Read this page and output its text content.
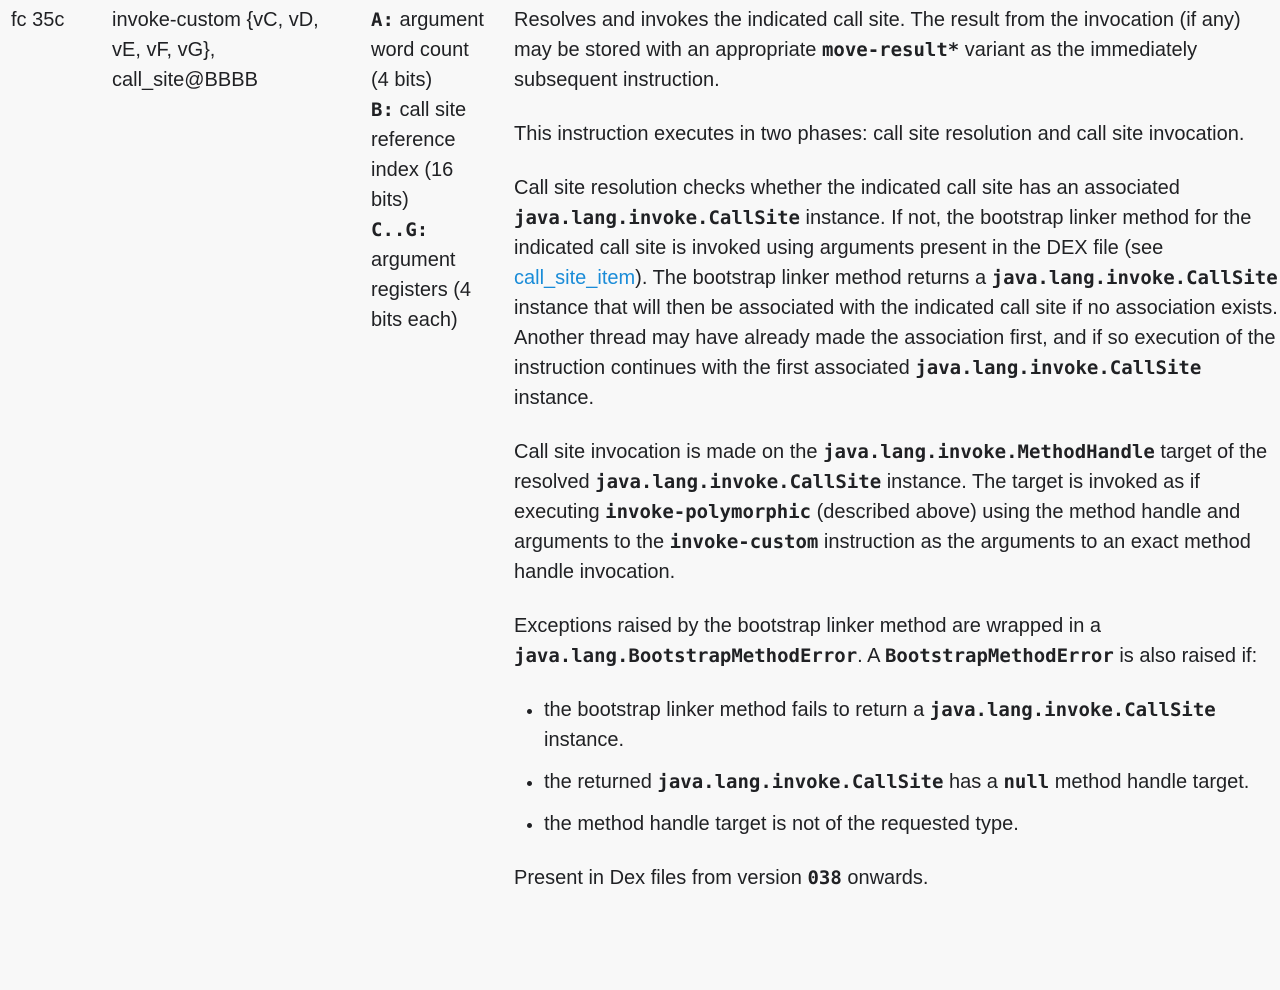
fc 35c	invoke-custom {vC, vD, vE, vF, vG}, call_site@BBBB
A: argument word count (4 bits)
B: call site reference index (16 bits)
C..G: argument registers (4 bits each)

Resolves and invokes the indicated call site. The result from the invocation (if any) may be stored with an appropriate move-result* variant as the immediately subsequent instruction.

This instruction executes in two phases: call site resolution and call site invocation.

Call site resolution checks whether the indicated call site has an associated java.lang.invoke.CallSite instance. If not, the bootstrap linker method for the indicated call site is invoked using arguments present in the DEX file (see call_site_item). The bootstrap linker method returns a java.lang.invoke.CallSite instance that will then be associated with the indicated call site if no association exists. Another thread may have already made the association first, and if so execution of the instruction continues with the first associated java.lang.invoke.CallSite instance.

Call site invocation is made on the java.lang.invoke.MethodHandle target of the resolved java.lang.invoke.CallSite instance. The target is invoked as if executing invoke-polymorphic (described above) using the method handle and arguments to the invoke-custom instruction as the arguments to an exact method handle invocation.

Exceptions raised by the bootstrap linker method are wrapped in a java.lang.BootstrapMethodError. A BootstrapMethodError is also raised if:

• the bootstrap linker method fails to return a java.lang.invoke.CallSite instance.
• the returned java.lang.invoke.CallSite has a null method handle target.
• the method handle target is not of the requested type.

Present in Dex files from version 038 onwards.
